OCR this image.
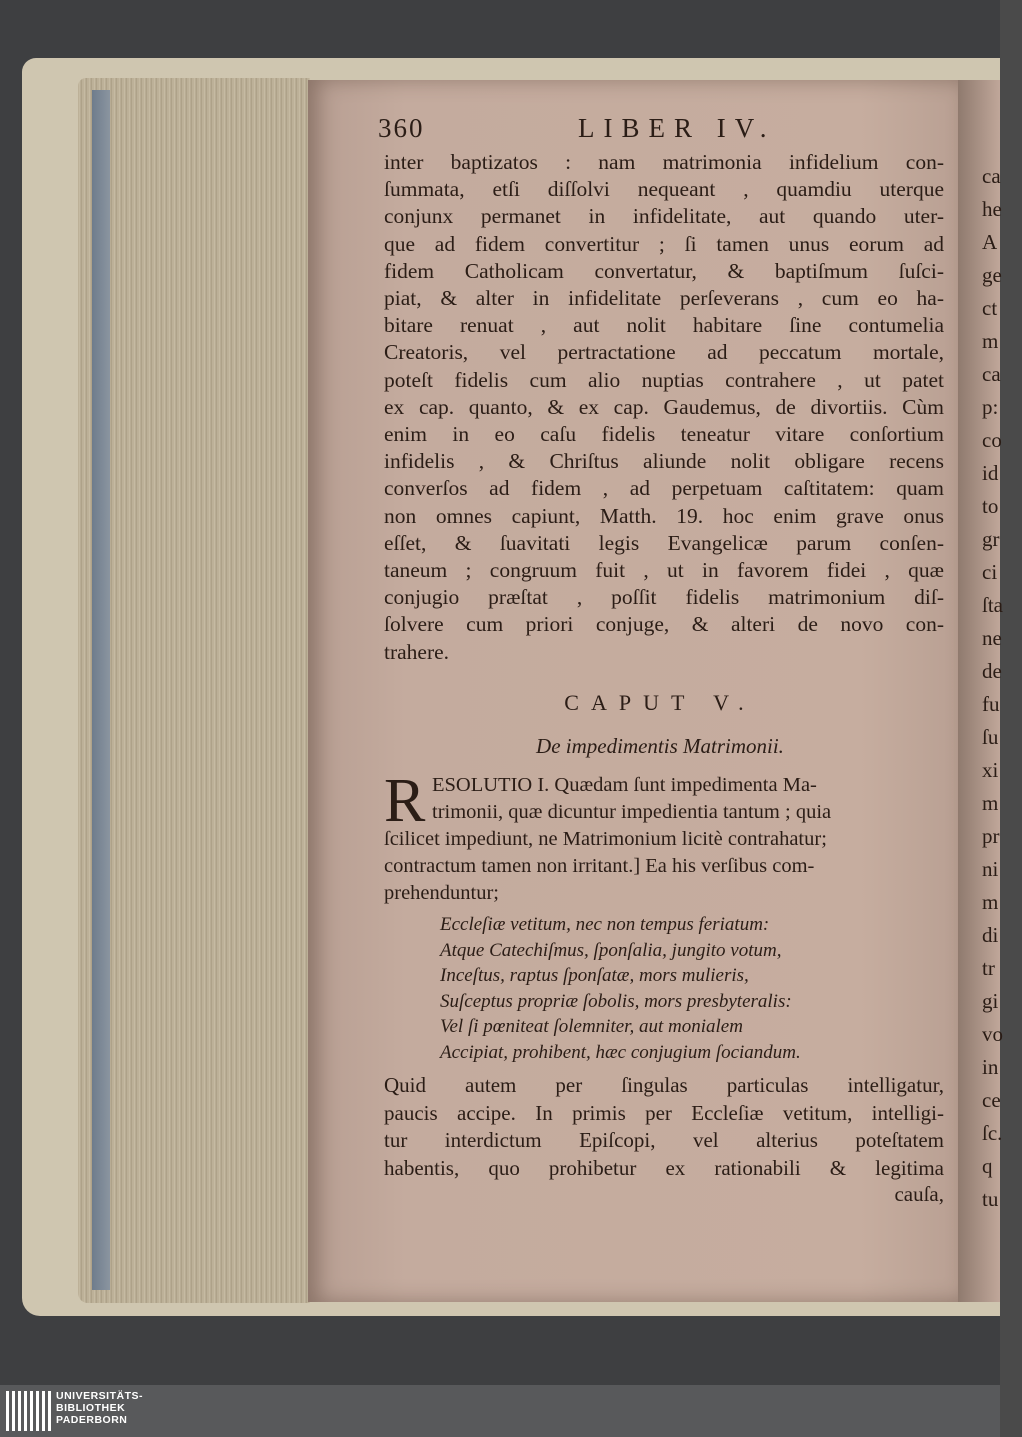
ca
he
A
ge
ct
m
ca
p:
co
id
to
gr
ci
ſta
ne
de
fu
ſu
xi
m
pr
ni
m
di
tr
gi
vo
in
ce
ſc.
q
tu
360	LIBER IV.
inter baptizatos : nam matrimonia infidelium con-
ſummata, etſi diſſolvi nequeant , quamdiu uterque
conjunx permanet in infidelitate, aut quando uter-
que ad fidem convertitur ; ſi tamen unus eorum ad
fidem Catholicam convertatur, & baptiſmum ſuſci-
piat, & alter in infidelitate perſeverans , cum eo ha-
bitare renuat , aut nolit habitare ſine contumelia
Creatoris, vel pertractatione ad peccatum mortale,
poteſt fidelis cum alio nuptias contrahere , ut patet
ex cap. quanto, & ex cap. Gaudemus, de divortiis. Cùm
enim in eo caſu fidelis teneatur vitare conſortium
infidelis , & Chriſtus aliunde nolit obligare recens
converſos ad fidem , ad perpetuam caſtitatem: quam
non omnes capiunt, Matth. 19. hoc enim grave onus
eſſet, & ſuavitati legis Evangelicæ parum conſen-
taneum ; congruum fuit , ut in favorem fidei , quæ
conjugio præſtat , poſſit fidelis matrimonium diſ-
ſolvere cum priori conjuge, & alteri de novo con-
trahere.
CAPUT V.
De impedimentis Matrimonii.
R ESOLUTIO I. Quædam ſunt impedimenta Ma-
trimonii, quæ dicuntur impedientia tantum ; quia
ſcilicet impediunt, ne Matrimonium licitè contrahatur;
contractum tamen non irritant.] Ea his verſibus com-
prehenduntur;
Eccleſiæ vetitum, nec non tempus feriatum:
Atque Catechiſmus, ſponſalia, jungito votum,
Inceſtus, raptus ſponſatæ, mors mulieris,
Suſceptus propriæ ſobolis, mors presbyteralis:
Vel ſi pœniteat ſolemniter, aut monialem
Accipiat, prohibent, hæc conjugium ſociandum.
Quid autem per ſingulas particulas intelligatur,
paucis accipe. In primis per Eccleſiæ vetitum, intelligi-
tur interdictum Epiſcopi, vel alterius poteſtatem
habentis, quo prohibetur ex rationabili & legitima
cauſa,
UNIVERSITÄTS-
BIBLIOTHEK
PADERBORN
